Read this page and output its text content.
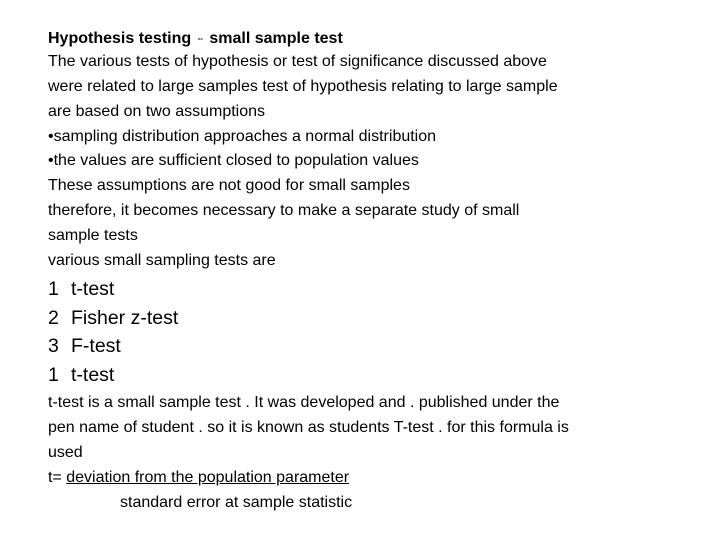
Hypothesis testing -- small sample test
The various tests of hypothesis or test of significance discussed above
were related to large samples test of hypothesis relating to large sample
are based on two assumptions
•sampling distribution approaches a normal distribution
•the values are sufficient closed to population values
These assumptions are not good for small samples
therefore, it becomes necessary to make a separate study of small
sample tests
various small sampling tests are
1 t-test
2 Fisher z-test
3 F-test
1 t-test
t-test is a small sample test . It was developed and . published under the
pen name of student . so it is known as students T-test . for this formula is
used
t= deviation from the population parameter
standard error at sample statistic
